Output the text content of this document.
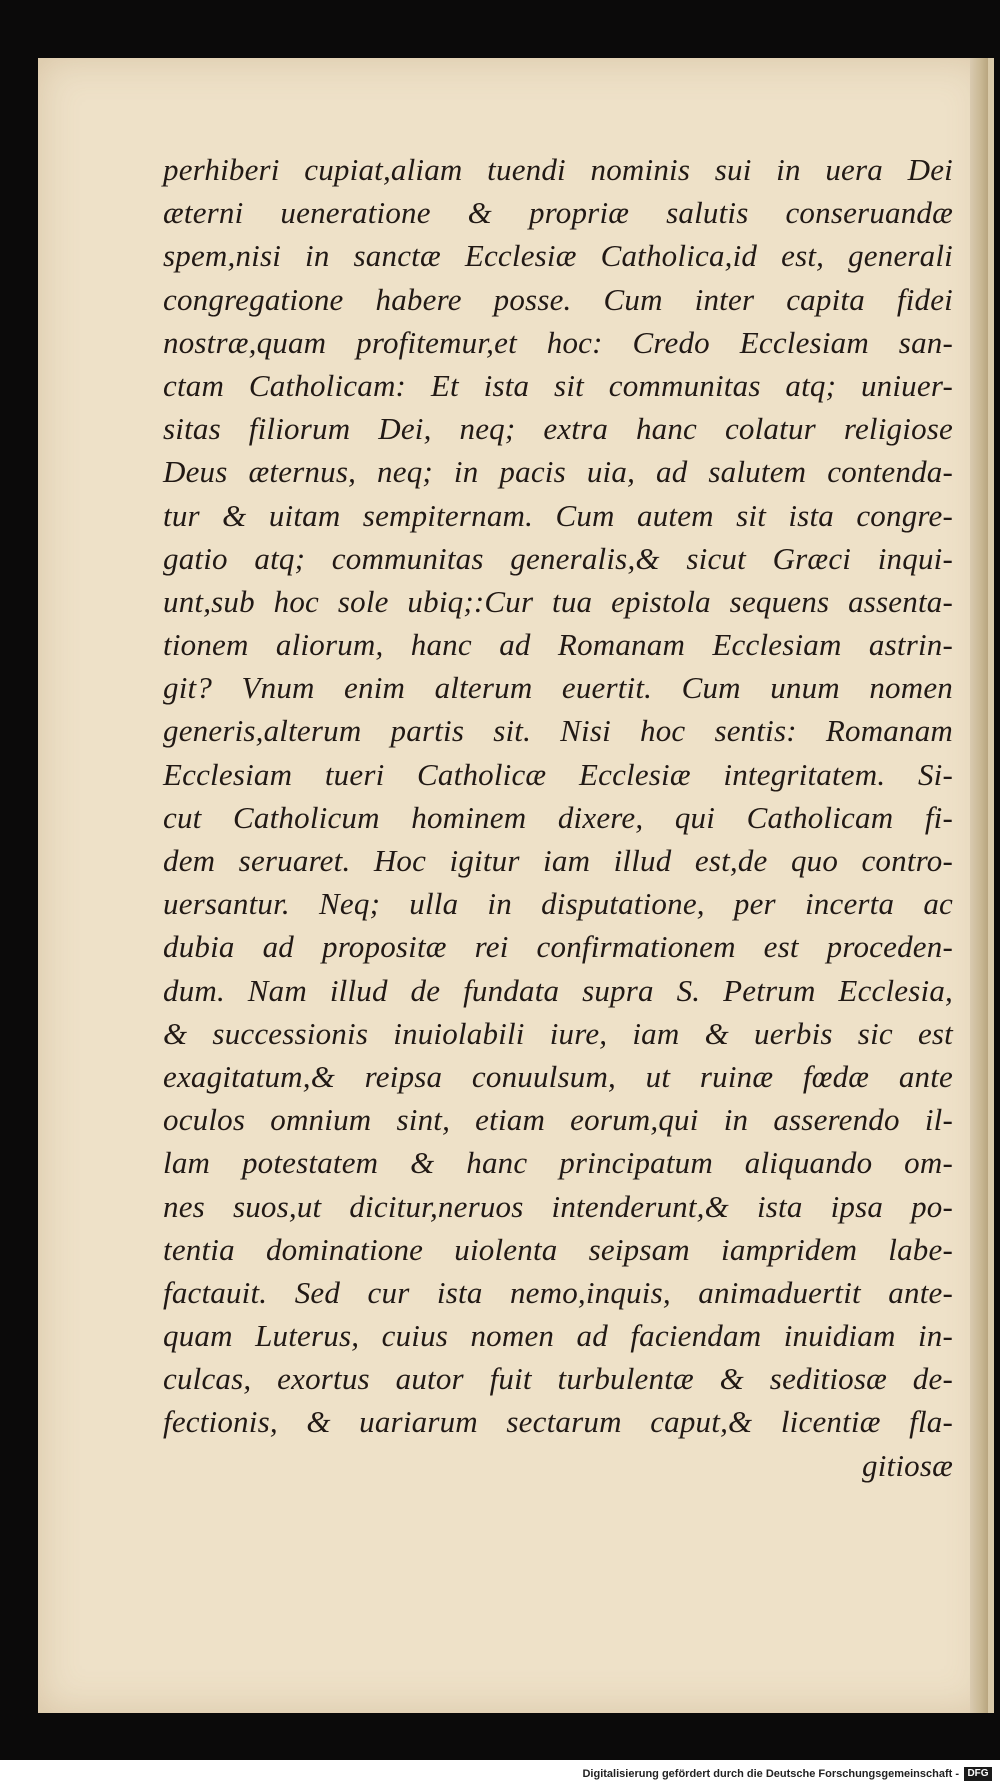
perhiberi cupiat,aliam tuendi nominis sui in uera Dei
æterni ueneratione & propriæ salutis conseruandæ
spem,nisi in sanctæ Ecclesiæ Catholica,id est, generali
congregatione habere posse. Cum inter capita fidei
nostræ,quam profitemur,et hoc: Credo Ecclesiam san-
ctam Catholicam: Et ista sit communitas atq; uniuer-
sitas filiorum Dei, neq; extra hanc colatur religiose
Deus æternus, neq; in pacis uia, ad salutem contenda-
tur & uitam sempiternam. Cum autem sit ista congre-
gatio atq; communitas generalis,& sicut Græci inqui-
unt,sub hoc sole ubiq;:Cur tua epistola sequens assenta-
tionem aliorum, hanc ad Romanam Ecclesiam astrin-
git? Vnum enim alterum euertit. Cum unum nomen
generis,alterum partis sit. Nisi hoc sentis: Romanam
Ecclesiam tueri Catholicæ Ecclesiæ integritatem. Si-
cut Catholicum hominem dixere, qui Catholicam fi-
dem seruaret. Hoc igitur iam illud est,de quo contro-
uersantur. Neq; ulla in disputatione, per incerta ac
dubia ad propositæ rei confirmationem est proceden-
dum. Nam illud de fundata supra S. Petrum Ecclesia,
& successionis inuiolabili iure, iam & uerbis sic est
exagitatum,& reipsa conuulsum, ut ruinæ fœdæ ante
oculos omnium sint, etiam eorum,qui in asserendo il-
lam potestatem & hanc principatum aliquando om-
nes suos,ut dicitur,neruos intenderunt,& ista ipsa po-
tentia dominatione uiolenta seipsam iampridem labe-
factauit. Sed cur ista nemo,inquis, animaduertit ante-
quam Luterus, cuius nomen ad faciendam inuidiam in-
culcas, exortus autor fuit turbulentæ & seditiosæ de-
fectionis, & uariarum sectarum caput,& licentiæ fla-
gitiosæ
Digitalisierung gefördert durch die Deutsche Forschungsgemeinschaft - DFG
